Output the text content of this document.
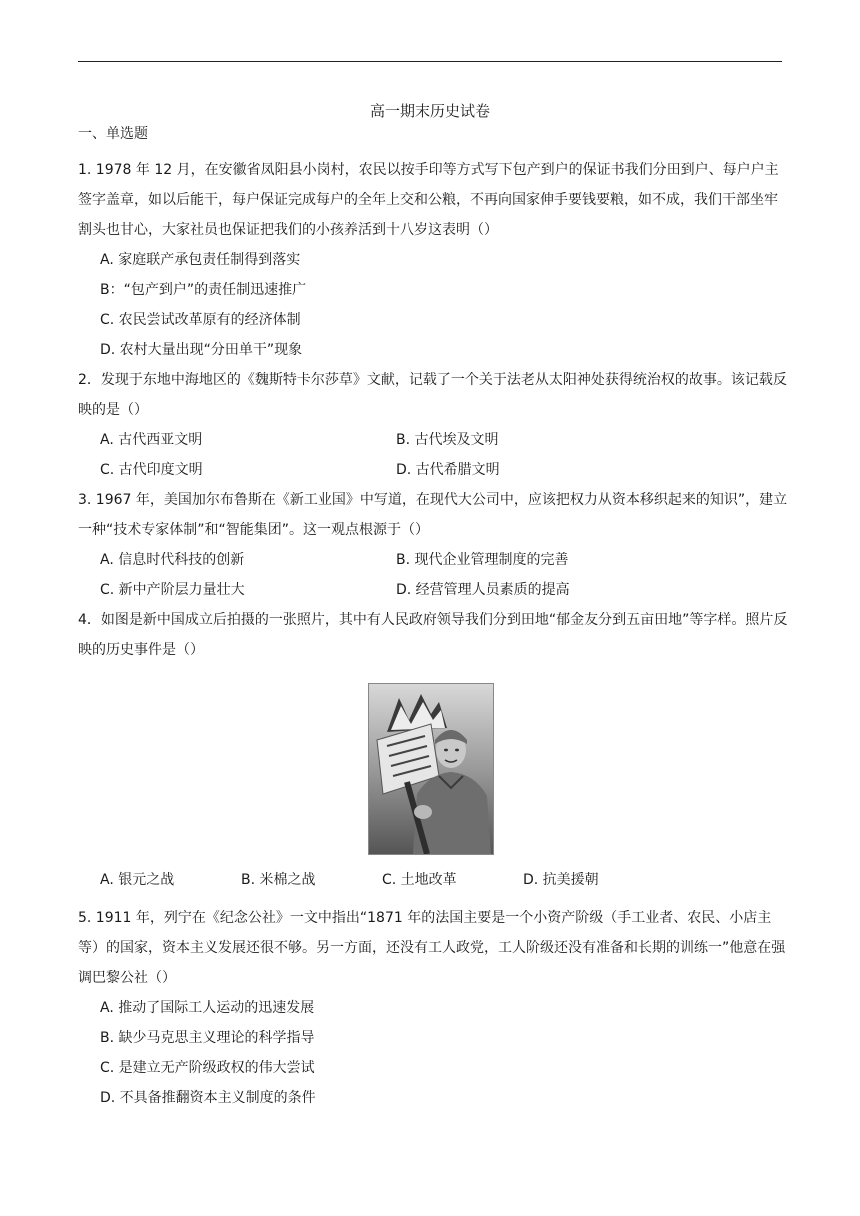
高一期末历史试卷
一、单选题
1. 1978 年 12 月，在安徽省凤阳县小岗村，农民以按手印等方式写下包产到户的保证书我们分田到户、每户户主签字盖章，如以后能干，每户保证完成每户的全年上交和公粮，不再向国家伸手要钱要粮，如不成，我们干部坐牢割头也甘心，大家社员也保证把我们的小孩养活到十八岁这表明（）
A. 家庭联产承包责任制得到落实
B：“包产到户”的责任制迅速推广
C. 农民尝试改革原有的经济体制
D. 农村大量出现“分田单干”现象
2．发现于东地中海地区的《魏斯特卡尔莎草》文献，记载了一个关于法老从太阳神处获得统治权的故事。该记载反映的是（）
A. 古代西亚文明	B. 古代埃及文明
C. 古代印度文明	D. 古代希腊文明
3. 1967 年，美国加尔布鲁斯在《新工业国》中写道，在现代大公司中，应该把权力从资本移织起来的知识”，建立一种“技术专家体制”和“智能集团”。这一观点根源于（）
A. 信息时代科技的创新	B. 现代企业管理制度的完善
C. 新中产阶层力量壮大	D. 经营管理人员素质的提高
4．如图是新中国成立后拍摄的一张照片，其中有人民政府领导我们分到田地“郁金友分到五亩田地”等字样。照片反映的历史事件是（）
A. 银元之战	B. 米棉之战	C. 土地改革	D. 抗美援朝
5. 1911 年，列宁在《纪念公社》一文中指出“1871 年的法国主要是一个小资产阶级（手工业者、农民、小店主等）的国家，资本主义发展还很不够。另一方面，还没有工人政党，工人阶级还没有准备和长期的训练一”他意在强调巴黎公社（）
A. 推动了国际工人运动的迅速发展
B. 缺少马克思主义理论的科学指导
C. 是建立无产阶级政权的伟大尝试
D. 不具备推翻资本主义制度的条件
